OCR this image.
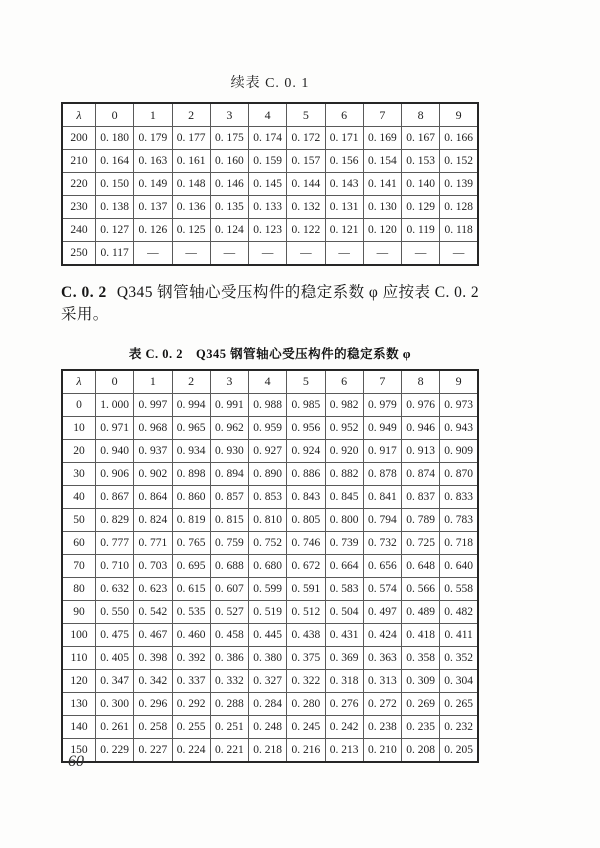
续表 C. 0. 1
λ	0	1	2	3	4	5	6	7	8	9
200	0. 180	0. 179	0. 177	0. 175	0. 174	0. 172	0. 171	0. 169	0. 167	0. 166
210	0. 164	0. 163	0. 161	0. 160	0. 159	0. 157	0. 156	0. 154	0. 153	0. 152
220	0. 150	0. 149	0. 148	0. 146	0. 145	0. 144	0. 143	0. 141	0. 140	0. 139
230	0. 138	0. 137	0. 136	0. 135	0. 133	0. 132	0. 131	0. 130	0. 129	0. 128
240	0. 127	0. 126	0. 125	0. 124	0. 123	0. 122	0. 121	0. 120	0. 119	0. 118
250	0. 117	—	—	—	—	—	—	—	—	—

C. 0. 2 Q345 钢管轴心受压构件的稳定系数 φ 应按表 C. 0. 2 采用。

表 C. 0. 2　Q345 钢管轴心受压构件的稳定系数 φ
λ	0	1	2	3	4	5	6	7	8	9
0	1. 000	0. 997	0. 994	0. 991	0. 988	0. 985	0. 982	0. 979	0. 976	0. 973
10	0. 971	0. 968	0. 965	0. 962	0. 959	0. 956	0. 952	0. 949	0. 946	0. 943
20	0. 940	0. 937	0. 934	0. 930	0. 927	0. 924	0. 920	0. 917	0. 913	0. 909
30	0. 906	0. 902	0. 898	0. 894	0. 890	0. 886	0. 882	0. 878	0. 874	0. 870
40	0. 867	0. 864	0. 860	0. 857	0. 853	0. 843	0. 845	0. 841	0. 837	0. 833
50	0. 829	0. 824	0. 819	0. 815	0. 810	0. 805	0. 800	0. 794	0. 789	0. 783
60	0. 777	0. 771	0. 765	0. 759	0. 752	0. 746	0. 739	0. 732	0. 725	0. 718
70	0. 710	0. 703	0. 695	0. 688	0. 680	0. 672	0. 664	0. 656	0. 648	0. 640
80	0. 632	0. 623	0. 615	0. 607	0. 599	0. 591	0. 583	0. 574	0. 566	0. 558
90	0. 550	0. 542	0. 535	0. 527	0. 519	0. 512	0. 504	0. 497	0. 489	0. 482
100	0. 475	0. 467	0. 460	0. 458	0. 445	0. 438	0. 431	0. 424	0. 418	0. 411
110	0. 405	0. 398	0. 392	0. 386	0. 380	0. 375	0. 369	0. 363	0. 358	0. 352
120	0. 347	0. 342	0. 337	0. 332	0. 327	0. 322	0. 318	0. 313	0. 309	0. 304
130	0. 300	0. 296	0. 292	0. 288	0. 284	0. 280	0. 276	0. 272	0. 269	0. 265
140	0. 261	0. 258	0. 255	0. 251	0. 248	0. 245	0. 242	0. 238	0. 235	0. 232
150	0. 229	0. 227	0. 224	0. 221	0. 218	0. 216	0. 213	0. 210	0. 208	0. 205
60
